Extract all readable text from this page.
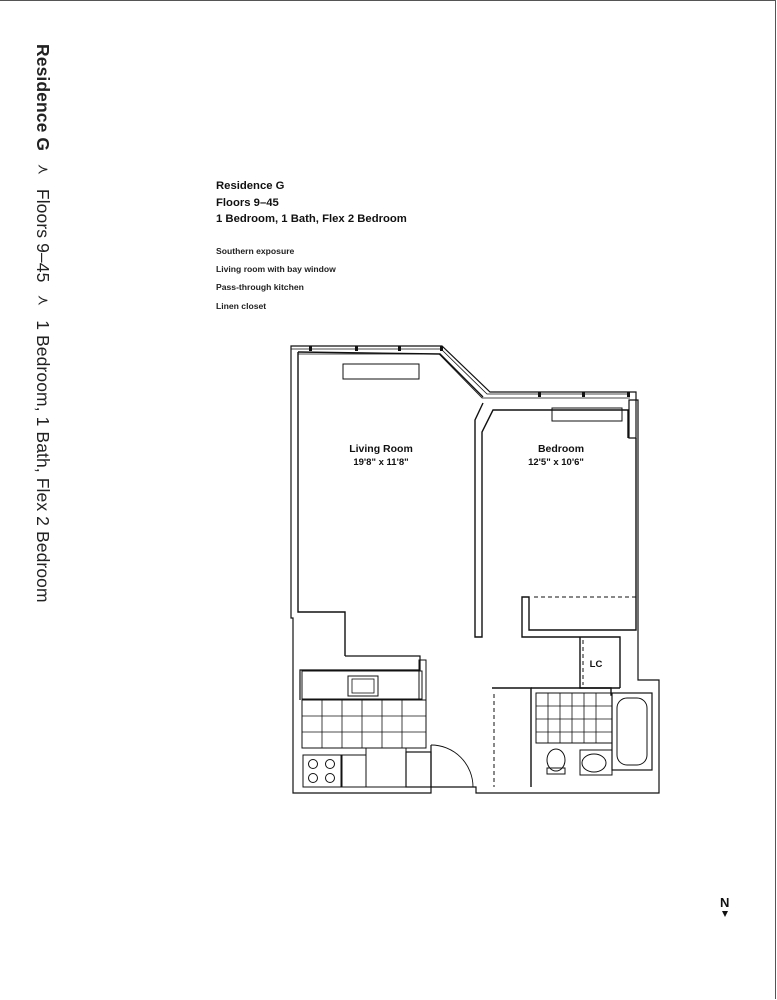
Residence G ≺ Floors 9–45 ≺ 1 Bedroom, 1 Bath, Flex 2 Bedroom
Residence G
Floors 9–45
1 Bedroom, 1 Bath, Flex 2 Bedroom
Southern exposure
Living room with bay window
Pass-through kitchen
Linen closet
Living Room
19'8" x 11'8"
Bedroom
12'5" x 10'6"
LC
N
